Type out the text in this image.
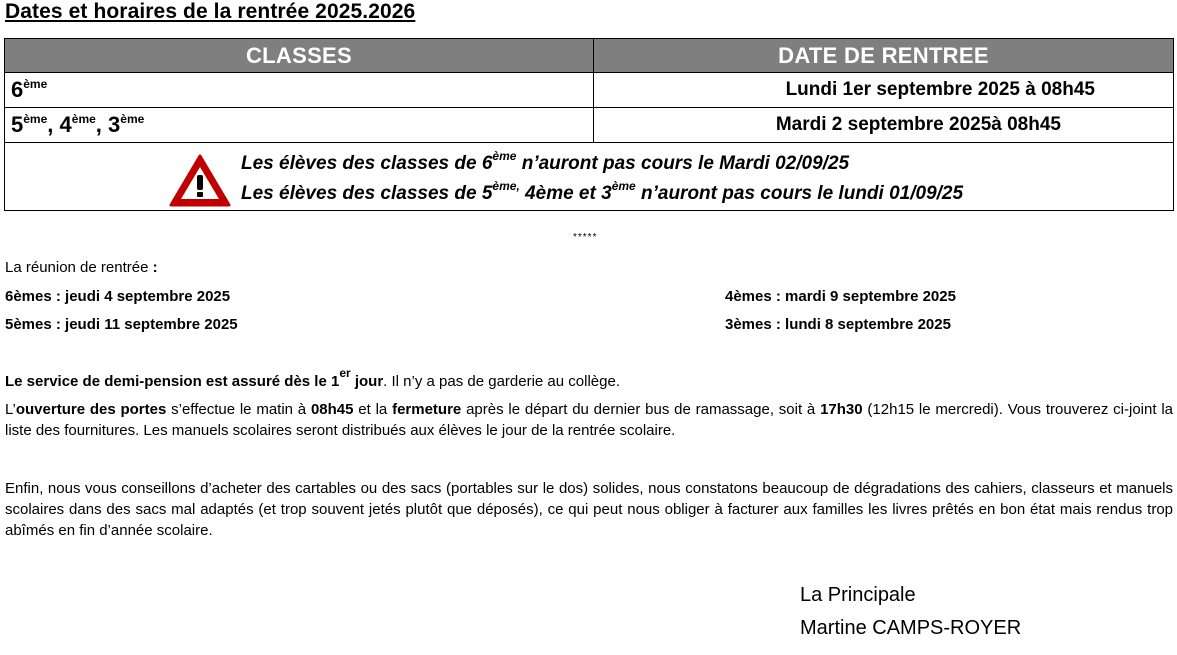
Dates et horaires de la rentrée 2025.2026
CLASSES	DATE DE RENTREE
6ème	Lundi 1er septembre 2025 à 08h45
5ème, 4ème, 3ème	Mardi 2 septembre 2025à 08h45

Les élèves des classes de 6ème n’auront pas cours le Mardi 02/09/25
Les élèves des classes de $5^{ème,}$ 4ème et 3ème n’auront pas cours le lundi 01/09/25	
*****
La réunion de rentrée :
6èmes : jeudi 4 septembre 2025	4èmes : mardi 9 septembre 2025
5èmes : jeudi 11 septembre 2025	3èmes : lundi 8 septembre 2025
Le service de demi-pension est assuré dès le 1er jour. Il n’y a pas de garderie au collège.
L’ouverture des portes s’effectue le matin à 08h45 et la fermeture après le départ du dernier bus de ramassage, soit à 17h30 (12h15 le mercredi). Vous trouverez ci-joint la liste des fournitures. Les manuels scolaires seront distribués aux élèves le jour de la rentrée scolaire.
Enfin, nous vous conseillons d’acheter des cartables ou des sacs (portables sur le dos) solides, nous constatons beaucoup de dégradations des cahiers, classeurs et manuels scolaires dans des sacs mal adaptés (et trop souvent jetés plutôt que déposés), ce qui peut nous obliger à facturer aux familles les livres prêtés en bon état mais rendus trop abîmés en fin d’année scolaire.
La Principale
Martine CAMPS-ROYER
